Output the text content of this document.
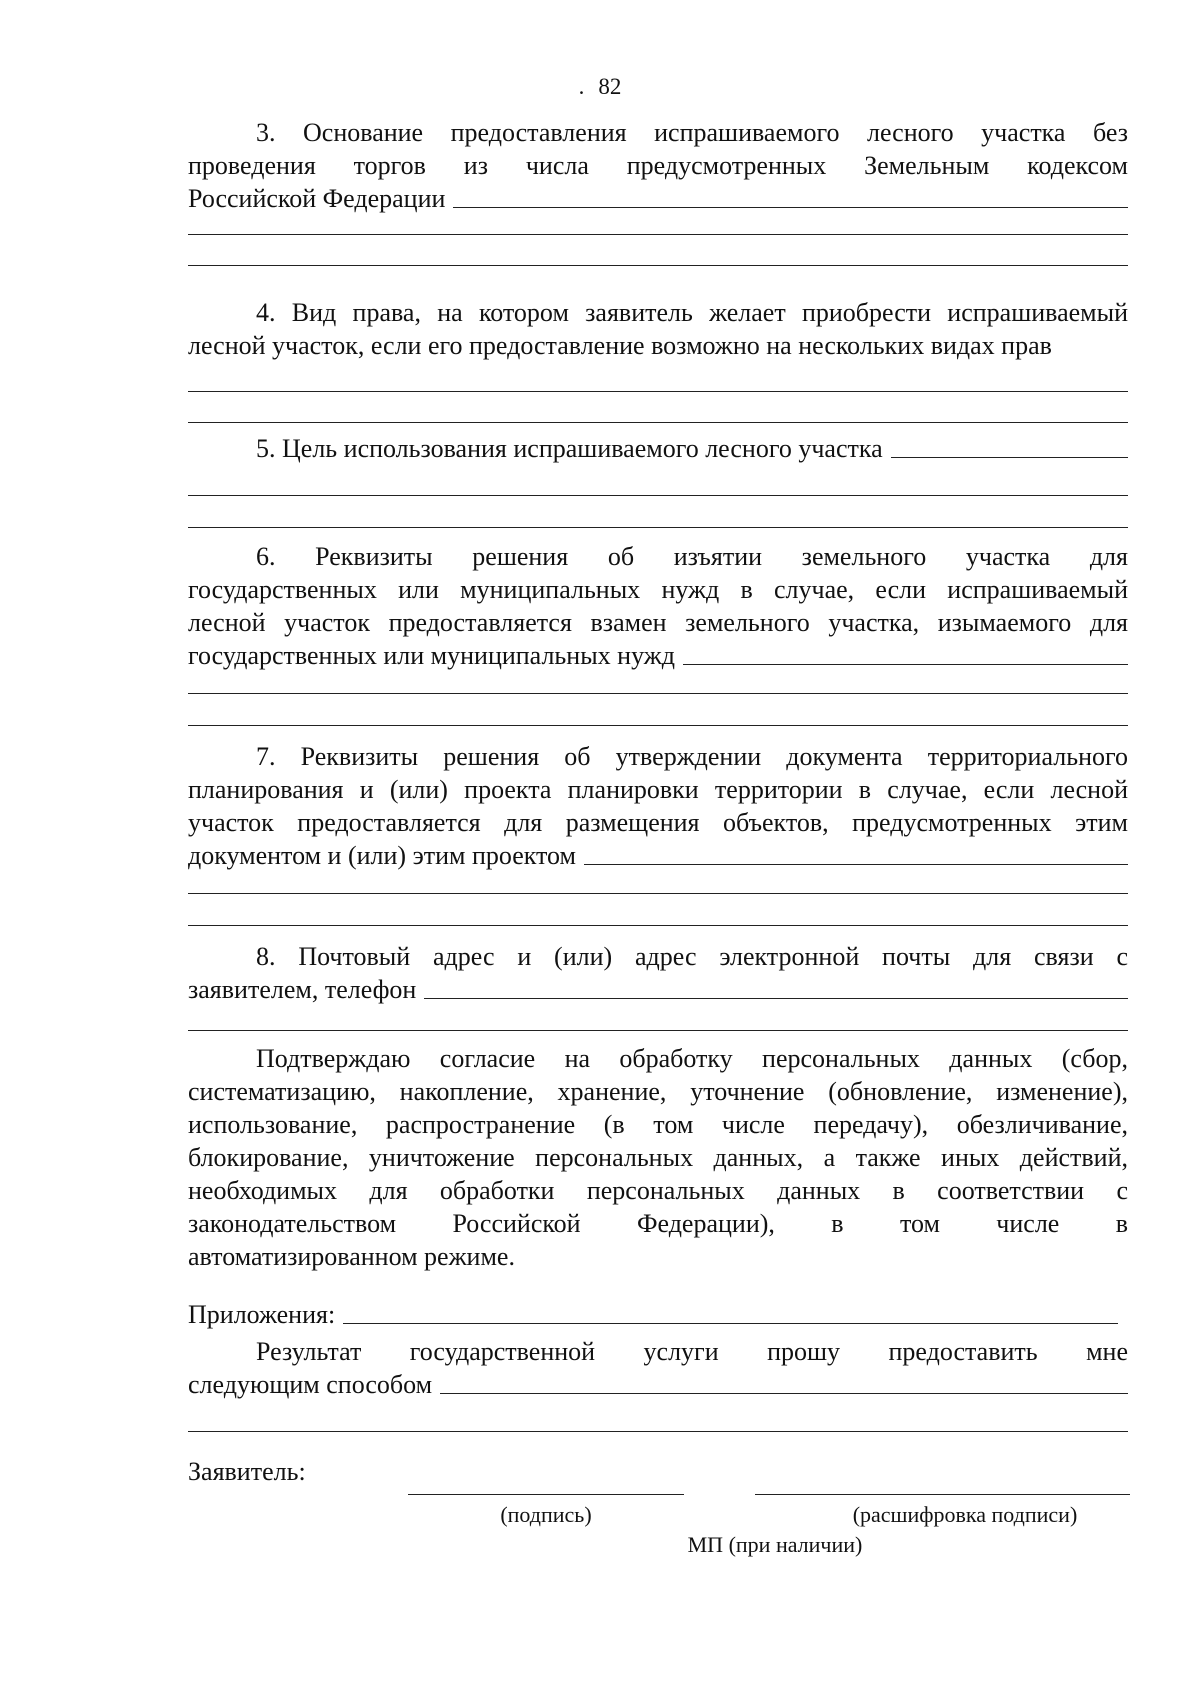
. 82
3. Основание предоставления испрашиваемого лесного участка без
проведения торгов из числа предусмотренных Земельным кодексом
Российской Федерации
4. Вид права, на котором заявитель желает приобрести испрашиваемый
лесной участок, если его предоставление возможно на нескольких видах прав
5. Цель использования испрашиваемого лесного участка
6. Реквизиты решения об изъятии земельного участка для
государственных или муниципальных нужд в случае, если испрашиваемый
лесной участок предоставляется взамен земельного участка, изымаемого для
государственных или муниципальных нужд
7. Реквизиты решения об утверждении документа территориального
планирования и (или) проекта планировки территории в случае, если лесной
участок предоставляется для размещения объектов, предусмотренных этим
документом и (или) этим проектом
8. Почтовый адрес и (или) адрес электронной почты для связи с
заявителем, телефон
Подтверждаю согласие на обработку персональных данных (сбор,
систематизацию, накопление, хранение, уточнение (обновление, изменение),
использование, распространение (в том числе передачу), обезличивание,
блокирование, уничтожение персональных данных, а также иных действий,
необходимых для обработки персональных данных в соответствии с
законодательством Российской Федерации), в том числе в
автоматизированном режиме.
Приложения:
Результат государственной услуги прошу предоставить мне
следующим способом
Заявитель:
(подпись)	(расшифровка подписи)
МП (при наличии)
